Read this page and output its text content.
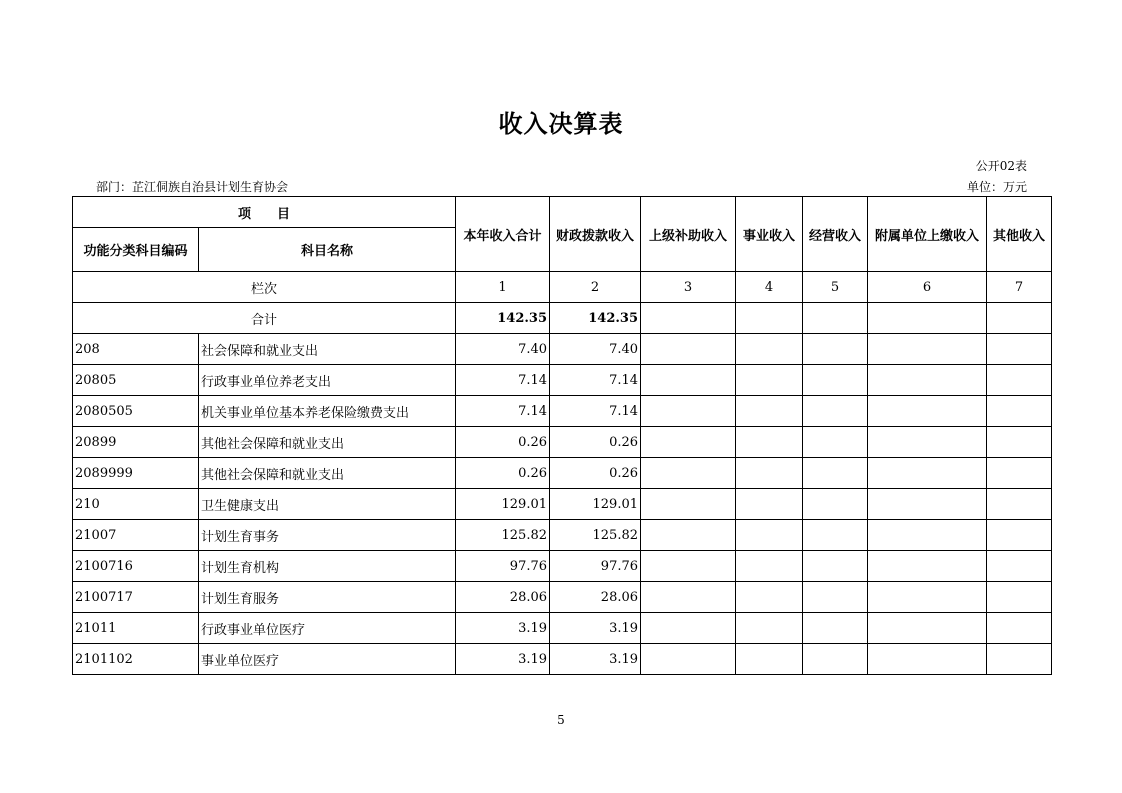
收入决算表
公开02表
部门：芷江侗族自治县计划生育协会	单位：万元
项　　目		本年收入合计	财政拨款收入	上级补助收入	事业收入	经营收入	附属单位上缴收入	其他收入
功能分类科目编码	科目名称							
栏次		1	2	3	4	5	6	7
合计		142.35	142.35					
208	社会保障和就业支出	7.40	7.40					
20805	行政事业单位养老支出	7.14	7.14					
2080505	机关事业单位基本养老保险缴费支出	7.14	7.14					
20899	其他社会保障和就业支出	0.26	0.26					
2089999	其他社会保障和就业支出	0.26	0.26					
210	卫生健康支出	129.01	129.01					
21007	计划生育事务	125.82	125.82					
2100716	计划生育机构	97.76	97.76					
2100717	计划生育服务	28.06	28.06					
21011	行政事业单位医疗	3.19	3.19					
2101102	事业单位医疗	3.19	3.19					
5
